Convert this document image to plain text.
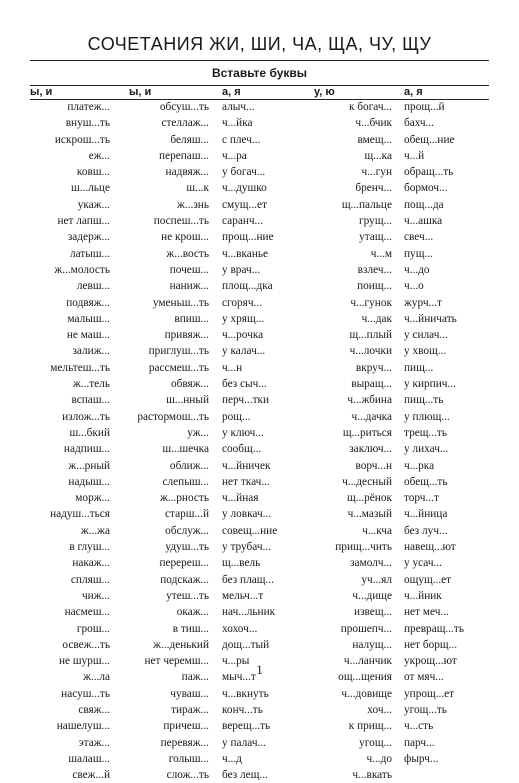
СОЧЕТАНИЯ ЖИ, ШИ, ЧА, ЩА, ЧУ, ЩУ
Вставьте буквы
ы, и
платеж...
внуш...ть
искрош...ть
еж...
ковш...
ш...льце
укаж...
нет лапш...
задерж...
латыш...
ж...молость
левш...
подвяж...
малыш...
не маш...
залиж...
мельтеш...ть
ж...тель
вспаш...
излож...ть
ш...бкий
надпиш...
ж...рный
надыш...
морж...
надуш...ться
ж...жа
в глуш...
накаж...
спляш...
чиж...
насмеш...
грош...
освеж...ть
не шурш...
ж...ла
насуш...ть
свяж...
нашелуш...
этаж...
шалаш...
свеж...й
ы, и
обсуш...ть
стеллаж...
беляш...
перепаш...
надвяж...
ш...к
ж...знь
поспеш...ть
не крош...
ж...вость
почеш...
наниж...
уменьш...ть
впиш...
привяж...
приглуш...ть
рассмеш...ть
обвяж...
ш...нный
растормош...ть
уж...
ш...шечка
оближ...
слепыш...
ж...рность
старш...й
обслуж...
удуш...ть
перереш...
подскаж...
утеш...ть
окаж...
в тиш...
ж...денький
нет черемш...
паж...
чуваш...
тираж...
причеш...
перевяж...
голыш...
слож...ть
а, я
алыч...
ч...йка
с плеч...
ч...ра
у богач...
ч...душко
смущ...ет
саранч...
прощ...ние
ч...вканье
у врач...
площ...дка
сгоряч...
у хрящ...
ч...рочка
у калач...
ч...н
без сыч...
перч...тки
рощ...
у ключ...
сообщ...
ч...йничек
нет ткач...
ч...йная
у ловкач...
совещ...ние
у трубач...
щ...вель
без плащ...
мельч...т
нач...льник
хохоч...
дощ...тый
ч...ры
мыч...т
ч...вкнуть
конч...ть
верещ...ть
у палач...
ч...д
без лещ...
у, ю
к богач...
ч...бчик
вмещ...
щ...ка
ч...гун
бренч...
щ...пальце
грущ...
утащ...
ч...м
взлеч...
поищ...
ч...гунок
ч...дак
щ...плый
ч...лочки
вкруч...
выращ...
ч...жбина
ч...дачка
щ...риться
заключ...
ворч...н
ч...десный
щ...рёнок
ч...мазый
ч...кча
прищ...чить
замолч...
уч...ял
ч...дище
извещ...
прошепч...
налущ...
ч...ланчик
ощ...щения
ч...довище
хоч...
к прищ...
угощ...
ч...до
ч...вкать
а, я
прощ...й
бахч...
обещ...ние
ч...й
обращ...ть
бормоч...
пощ...да
ч...ашка
свеч...
пущ...
ч...до
ч...о
журч...т
ч...йничать
у силач...
у хвощ...
пищ...
у кирпич...
пищ...ть
у плющ...
трещ...ть
у лихач...
ч...рка
обещ...ть
торч...т
ч...йница
без луч...
навещ...ют
у усач...
ощущ...ет
ч...йник
нет меч...
превращ...ть
нет борщ...
укрощ...ют
от мяч...
упрощ...ет
угощ...ть
ч...сть
парч...
фырч...
1
